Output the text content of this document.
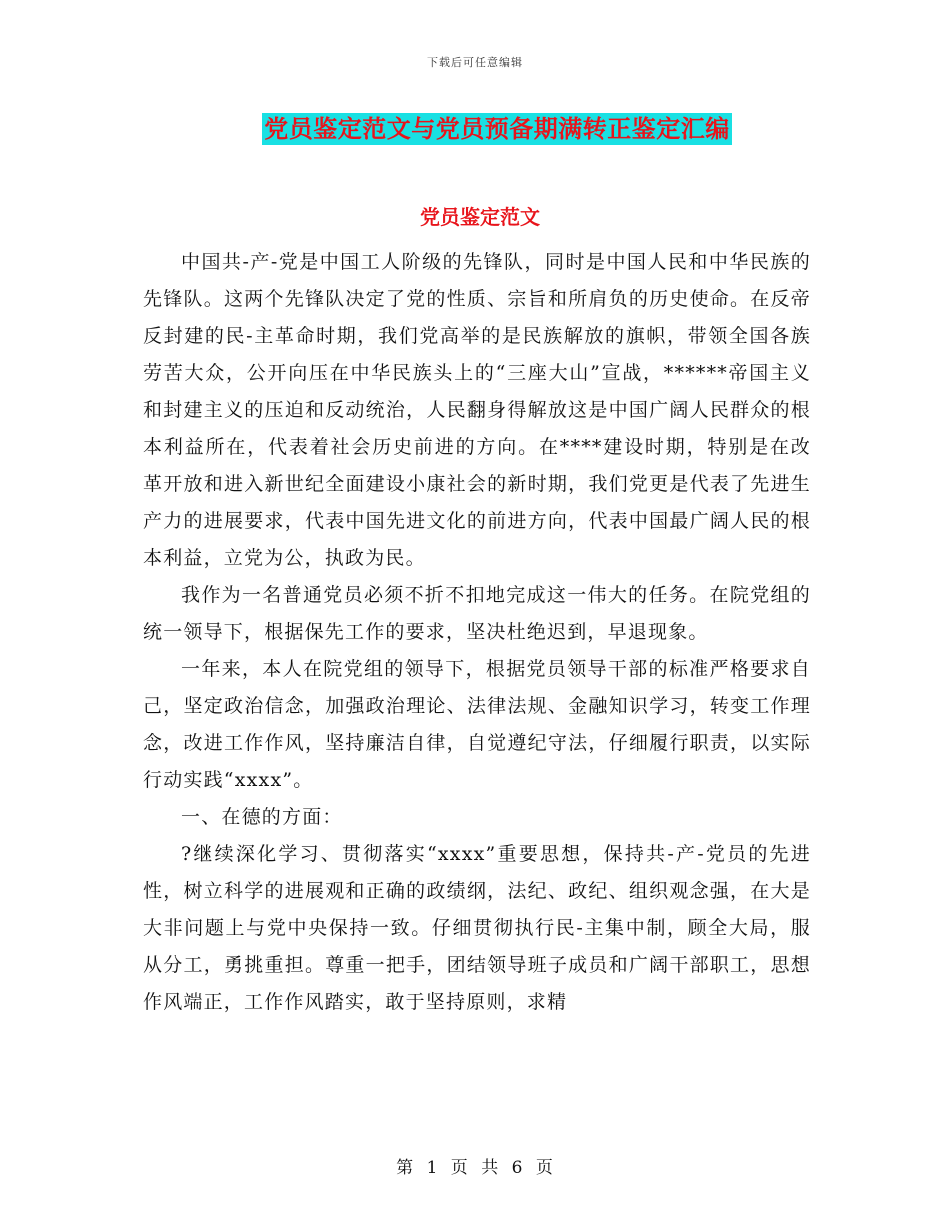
下载后可任意编辑
党员鉴定范文与党员预备期满转正鉴定汇编
党员鉴定范文

中国共-产-党是中国工人阶级的先锋队，同时是中国人民和中华民族的先锋队。这两个先锋队决定了党的性质、宗旨和所肩负的历史使命。在反帝反封建的民-主革命时期，我们党高举的是民族解放的旗帜，带领全国各族劳苦大众，公开向压在中华民族头上的“三座大山”宣战，******帝国主义和封建主义的压迫和反动统治，人民翻身得解放这是中国广阔人民群众的根本利益所在，代表着社会历史前进的方向。在****建设时期，特别是在改革开放和进入新世纪全面建设小康社会的新时期，我们党更是代表了先进生产力的进展要求，代表中国先进文化的前进方向，代表中国最广阔人民的根本利益，立党为公，执政为民。

我作为一名普通党员必须不折不扣地完成这一伟大的任务。在院党组的统一领导下，根据保先工作的要求，坚决杜绝迟到，早退现象。

一年来，本人在院党组的领导下，根据党员领导干部的标准严格要求自己，坚定政治信念，加强政治理论、法律法规、金融知识学习，转变工作理念，改进工作作风，坚持廉洁自律，自觉遵纪守法，仔细履行职责，以实际行动实践“xxxx”。

一、在德的方面：

?继续深化学习、贯彻落实“xxxx”重要思想，保持共-产-党员的先进性，树立科学的进展观和正确的政绩纲，法纪、政纪、组织观念强，在大是大非问题上与党中央保持一致。仔细贯彻执行民-主集中制，顾全大局，服从分工，勇挑重担。尊重一把手，团结领导班子成员和广阔干部职工，思想作风端正，工作作风踏实，敢于坚持原则，求精

第 1 页 共 6 页
